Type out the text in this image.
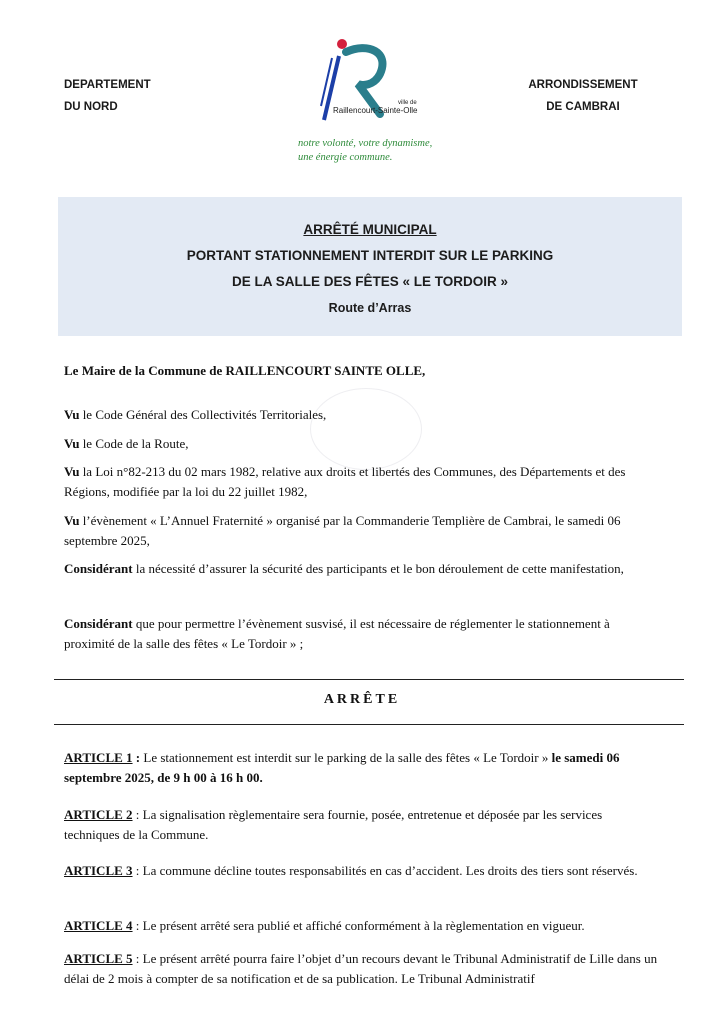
DEPARTEMENT
DU NORD	ville de
Raillencourt-Sainte-Olle
notre volonté, votre dynamisme,
une énergie commune.
ARRONDISSEMENT
DE CAMBRAI
ARRÊTÉ MUNICIPAL
PORTANT STATIONNEMENT INTERDIT SUR LE PARKING
DE LA SALLE DES FÊTES « LE TORDOIR »
Route d’Arras
Le Maire de la Commune de RAILLENCOURT SAINTE OLLE,
Vu le Code Général des Collectivités Territoriales,
Vu le Code de la Route,
Vu la Loi n°82-213 du 02 mars 1982, relative aux droits et libertés des Communes, des Départements et des Régions, modifiée par la loi du 22 juillet 1982,
Vu l’évènement « L’Annuel Fraternité » organisé par la Commanderie Templière de Cambrai, le samedi 06 septembre 2025,
Considérant la nécessité d’assurer la sécurité des participants et le bon déroulement de cette manifestation,
Considérant que pour permettre l’évènement susvisé, il est nécessaire de réglementer le stationnement à proximité de la salle des fêtes « Le Tordoir » ;
ARRÊTE
ARTICLE 1 : Le stationnement est interdit sur le parking de la salle des fêtes « Le Tordoir » le samedi 06 septembre 2025, de 9 h 00 à 16 h 00.
ARTICLE 2 : La signalisation règlementaire sera fournie, posée, entretenue et déposée par les services techniques de la Commune.
ARTICLE 3 : La commune décline toutes responsabilités en cas d’accident. Les droits des tiers sont réservés.
ARTICLE 4 : Le présent arrêté sera publié et affiché conformément à la règlementation en vigueur.
ARTICLE 5 : Le présent arrêté pourra faire l’objet d’un recours devant le Tribunal Administratif de Lille dans un délai de 2 mois à compter de sa notification et de sa publication. Le Tribunal Administratif
